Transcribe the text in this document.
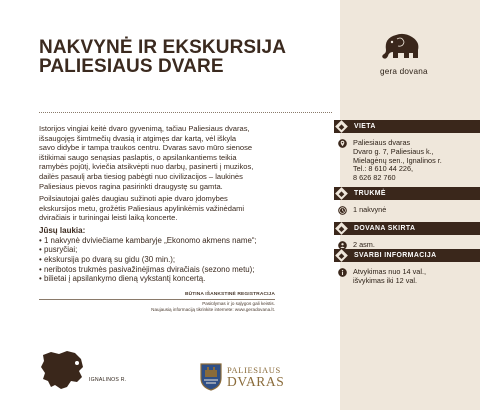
NAKVYNĖ IR EKSKURSIJA
PALIESIAUS DVARE

Istorijos vingiai keitė dvaro gyvenimą, tačiau Paliesiaus dvaras,
išsaugojęs šimtmečių dvasią ir atgimęs dar kartą, vėl iškyla
savo didybe ir tampa traukos centru. Dvaras savo mūro sienose
ištikimai saugo senąsias paslaptis, o apsilankantiems teikia
ramybės pojūtį, kviečia atsikvėpti nuo darbų, pasinerti į muzikos,
dailės pasaulį arba tiesiog pabėgti nuo civilizacijos – laukinės
Paliesiaus pievos ragina pasirinkti draugystę su gamta.

Poilsiautojai galės daugiau sužinoti apie dvaro įdomybes
ekskursijos metu, grožėtis Paliesiaus apylinkėmis važinėdami
dviračiais ir turiningai leisti laiką koncerte.

Jūsų laukia:
• 1 nakvynė dviviečiame kambaryje „Ekonomo akmens name“;
• pusryčiai;
• ekskursija po dvarą su gidu (30 min.);
• neribotos trukmės pasivažinėjimas dviračiais (sezono metu);
• bilietai į apsilankymo dieną vykstantį koncertą.
BŪTINA IŠANKSTINĖ REGISTRACIJA
Pasiūlymas ir jo sąlygos gali keistis.
Naujausią informaciją tikrinkite internete: www.geradovana.lt.
IGNALINOS R.
PALIESIAUS
DVARAS
gera dovana
VIETA
Paliesiaus dvaras
Dvaro g. 7, Paliesiaus k.,
Mielagėnų sen., Ignalinos r.
Tel.: 8 610 44 226,
8 626 82 760
TRUKMĖ
1 nakvynė
DOVANA SKIRTA
2 asm.
SVARBI INFORMACIJA
Atvykimas nuo 14 val.,
išvykimas iki 12 val.
